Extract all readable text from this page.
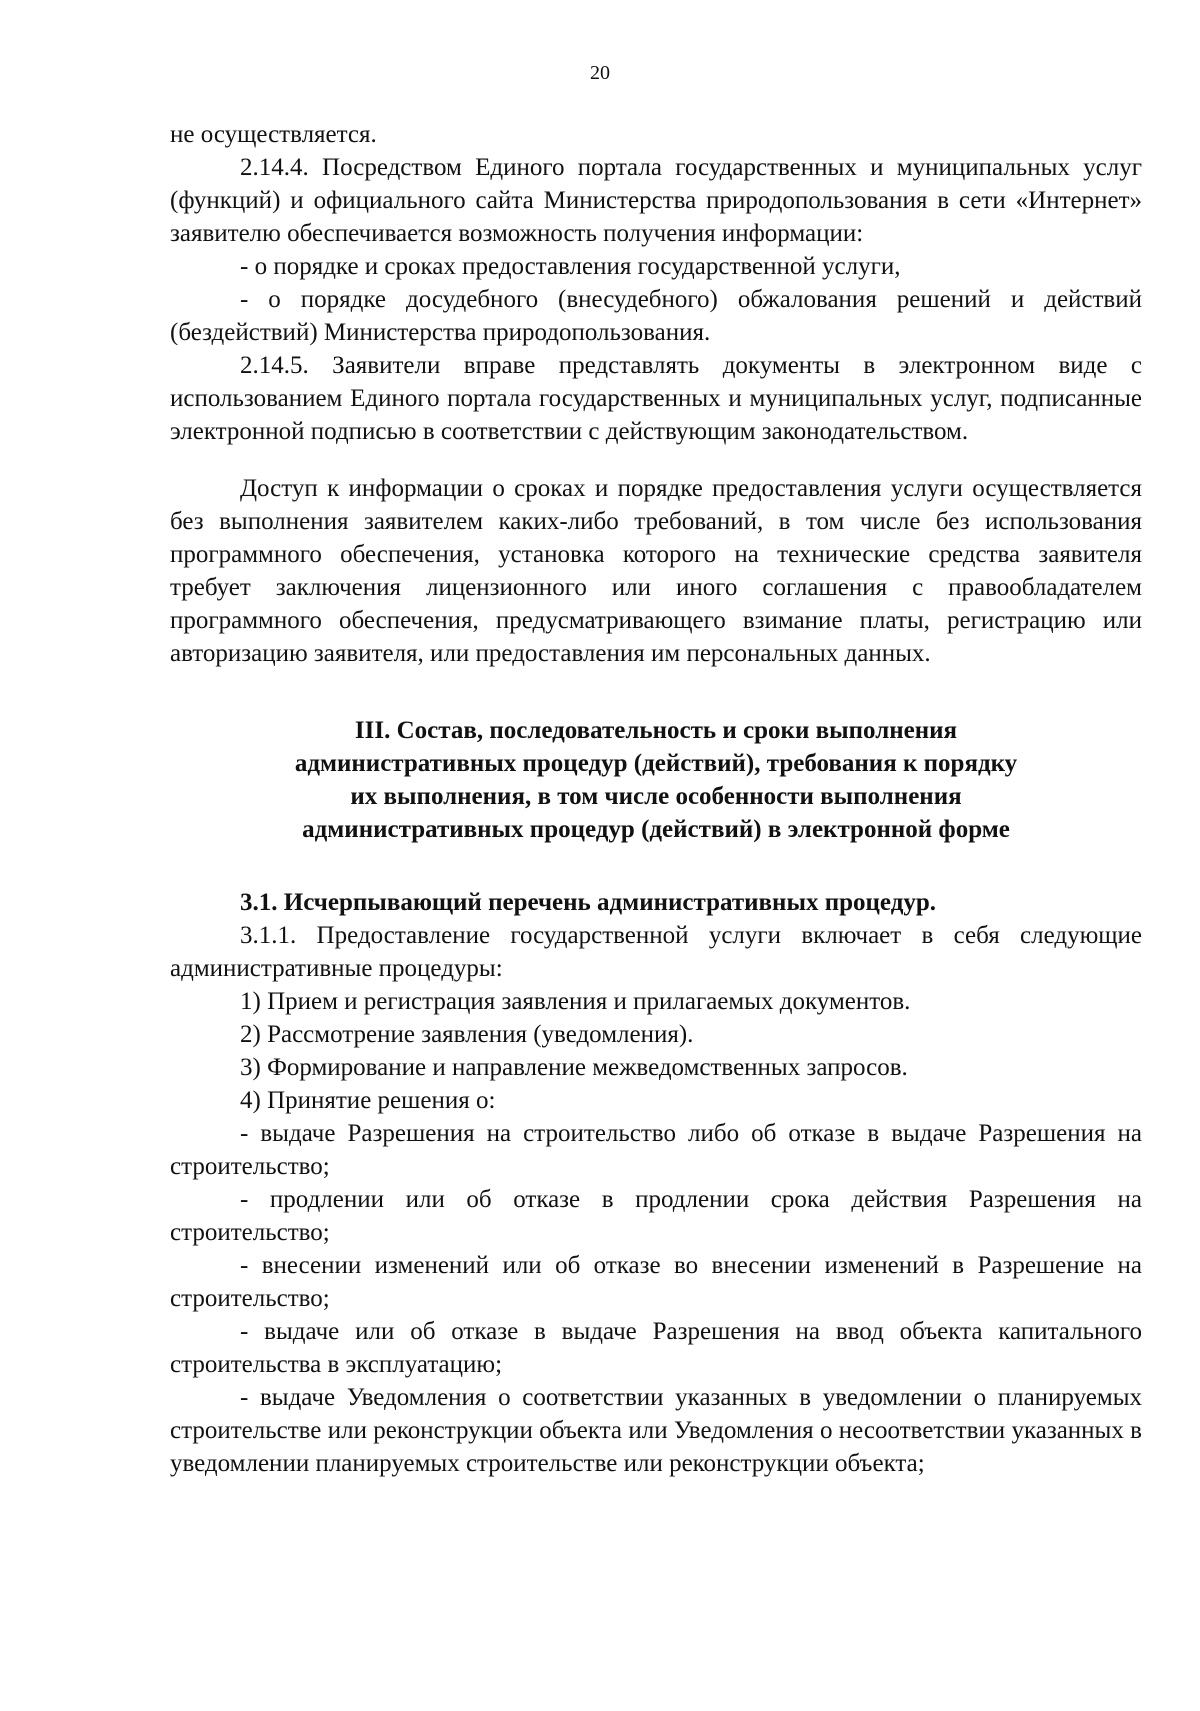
20

не осуществляется.

2.14.4. Посредством Единого портала государственных и муниципальных услуг (функций) и официального сайта Министерства природопользования в сети «Интернет» заявителю обеспечивается возможность получения информации:

- о порядке и сроках предоставления государственной услуги,

- о порядке досудебного (внесудебного) обжалования решений и действий (бездействий) Министерства природопользования.

2.14.5. Заявители вправе представлять документы в электронном виде с использованием Единого портала государственных и муниципальных услуг, подписанные электронной подписью в соответствии с действующим законодательством.

Доступ к информации о сроках и порядке предоставления услуги осуществляется без выполнения заявителем каких-либо требований, в том числе без использования программного обеспечения, установка которого на технические средства заявителя требует заключения лицензионного или иного соглашения с правообладателем программного обеспечения, предусматривающего взимание платы, регистрацию или авторизацию заявителя, или предоставления им персональных данных.

III. Состав, последовательность и сроки выполнения

административных процедур (действий), требования к порядку

их выполнения, в том числе особенности выполнения

административных процедур (действий) в электронной форме

3.1. Исчерпывающий перечень административных процедур.

3.1.1. Предоставление государственной услуги включает в себя следующие административные процедуры:

1) Прием и регистрация заявления и прилагаемых документов.

2) Рассмотрение заявления (уведомления).

3) Формирование и направление межведомственных запросов.

4) Принятие решения о:

- выдаче Разрешения на строительство либо об отказе в выдаче Разрешения на строительство;

- продлении или об отказе в продлении срока действия Разрешения на строительство;

- внесении изменений или об отказе во внесении изменений в Разрешение на строительство;

- выдаче или об отказе в выдаче Разрешения на ввод объекта капитального строительства в эксплуатацию;

- выдаче Уведомления о соответствии указанных в уведомлении о планируемых строительстве или реконструкции объекта или Уведомления о несоответствии указанных в уведомлении планируемых строительстве или реконструкции объекта;
